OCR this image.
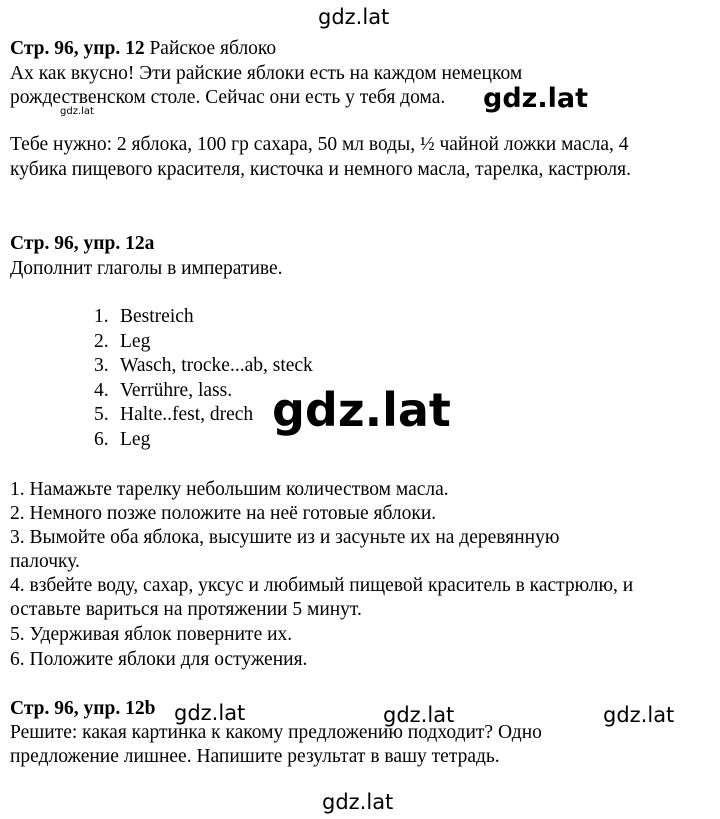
gdz.lat
Стр. 96, упр. 12 Райское яблоко
Ах как вкусно! Эти райские яблоки есть на каждом немецком
рождественском столе. Сейчас они есть у тебя дома.
gdz.lat	gdz.lat
Тебе нужно: 2 яблока, 100 гр сахара, 50 мл воды, ½ чайной ложки масла, 4
кубика пищевого красителя, кисточка и немного масла, тарелка, кастрюля.
Стр. 96, упр. 12а
Дополнит глаголы в императиве.
1. Bestreich
2. Leg
3. Wasch, trocke...ab, steck
4. Verrühre, lass.
5. Halte..fest, drech
6. Leg
gdz.lat
1. Намажьте тарелку небольшим количеством масла.
2. Немного позже положите на неё готовые яблоки.
3. Вымойте оба яблока, высушите из и засуньте их на деревянную
палочку.
4. взбейте воду, сахар, уксус и любимый пищевой краситель в кастрюлю, и
оставьте вариться на протяжении 5 минут.
5. Удерживая яблок поверните их.
6. Положите яблоки для остужения.
Стр. 96, упр. 12b gdz.lat	gdz.lat	gdz.lat
Решите: какая картинка к какому предложению подходит? Одно
предложение лишнее. Напишите результат в вашу тетрадь.
gdz.lat
